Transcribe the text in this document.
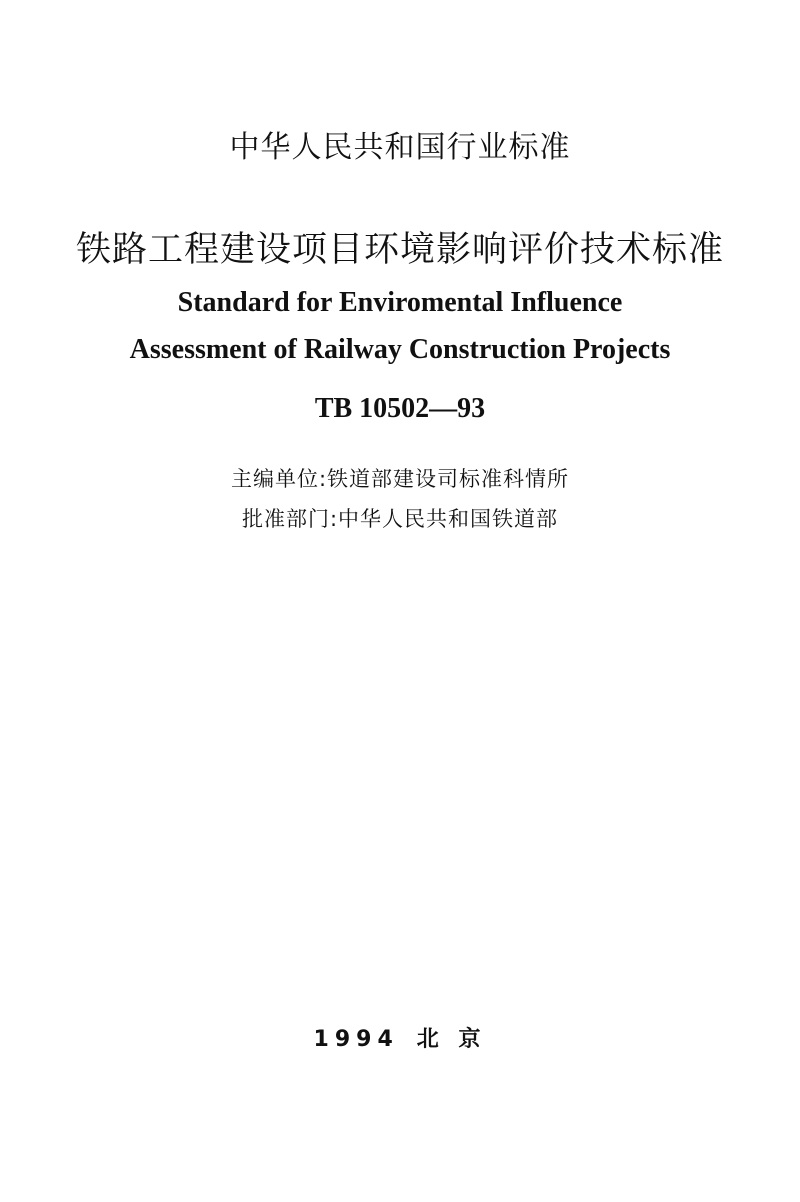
中华人民共和国行业标准
铁路工程建设项目环境影响评价技术标准
Standard for Enviromental Influence
Assessment of Railway Construction Projects
TB 10502—93
主编单位:铁道部建设司标准科情所
批准部门:中华人民共和国铁道部
1994 北 京
